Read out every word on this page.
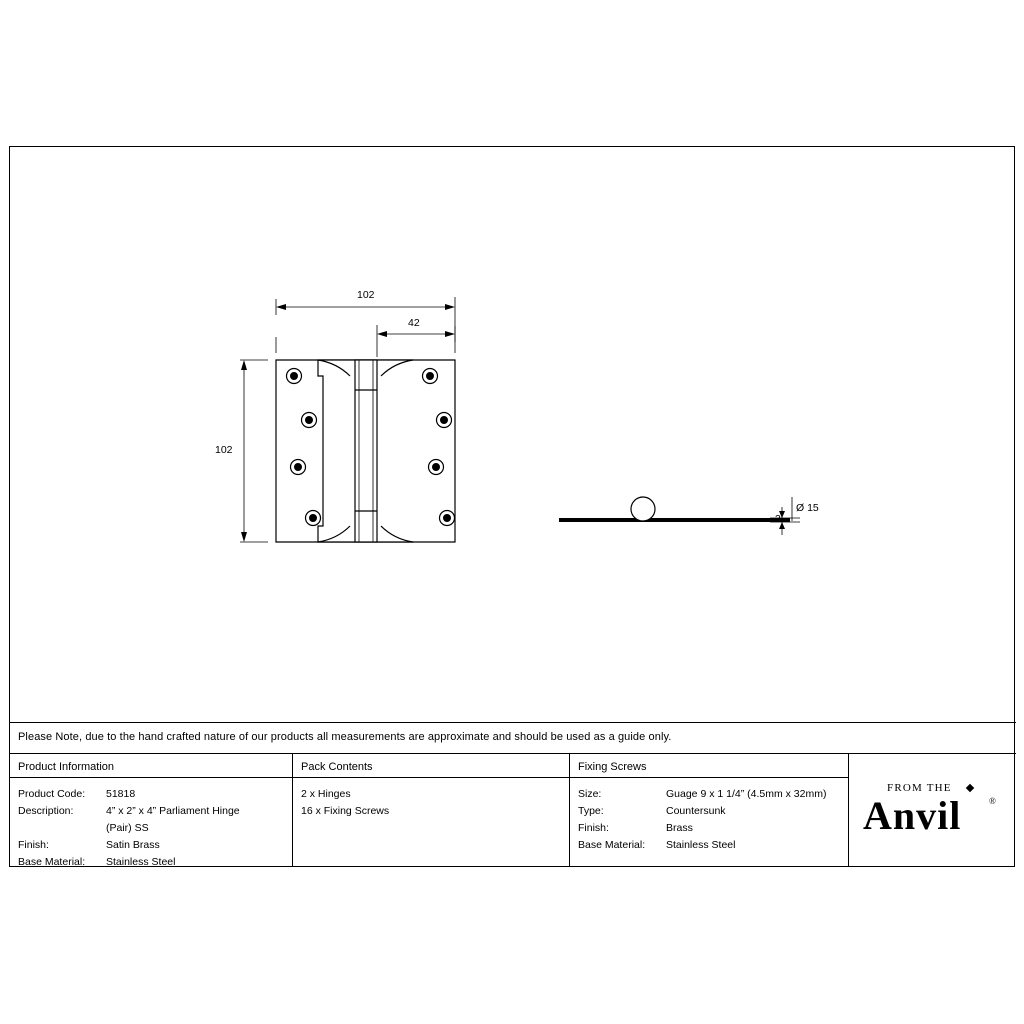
102
42
102
3
Ø 15
Please Note, due to the hand crafted nature of our products all measurements are approximate and should be used as a guide only.
Product Information
Product Code:	51818
Description:	4” x 2” x 4” Parliament Hinge
(Pair) SS
Finish:	Satin Brass
Base Material:	Stainless Steel
Pack Contents
2 x Hinges
16 x Fixing Screws
Fixing Screws
Size:	Guage 9 x 1 1/4” (4.5mm x 32mm)
Type:	Countersunk
Finish:	Brass
Base Material:	Stainless Steel
FROM THE
Anvil	®
